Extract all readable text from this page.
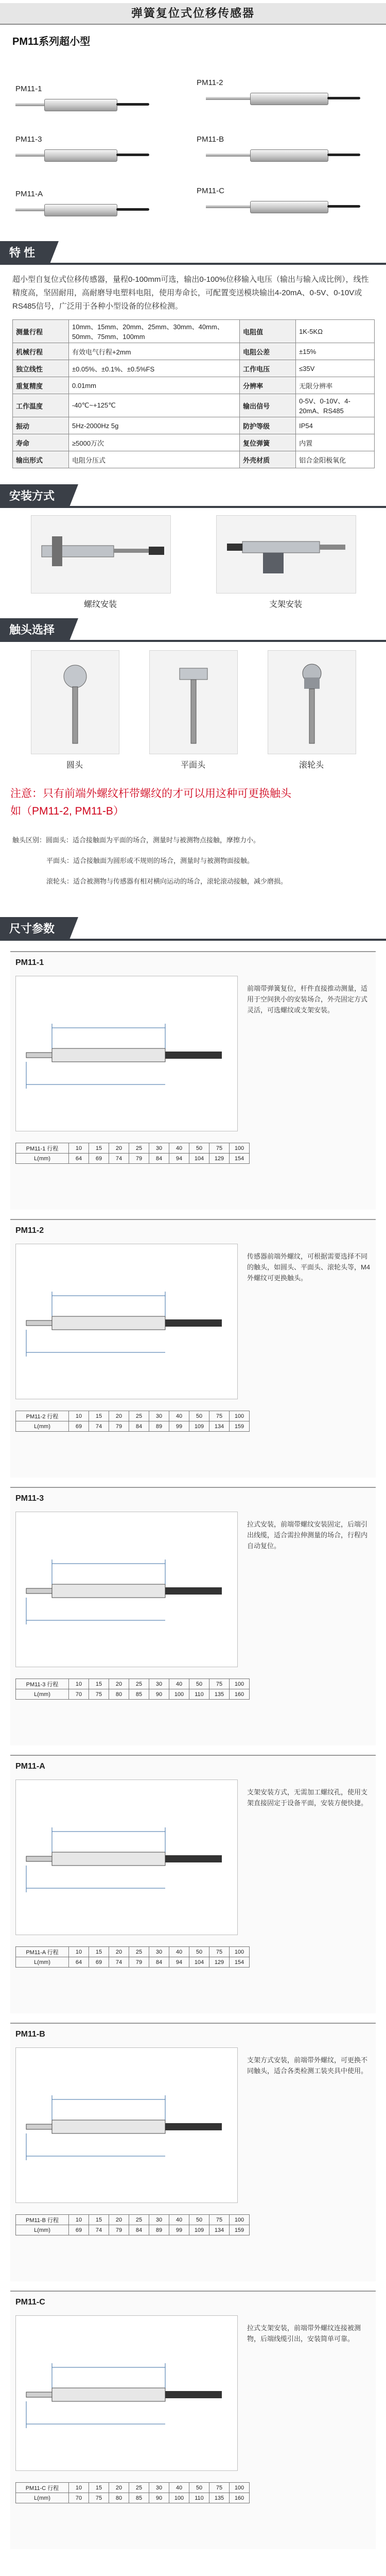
弹簧复位式位移传感器
PM11系列超小型
PM11-1
PM11-2
PM11-3	PM11-B
PM11-A	PM11-C
特 性
超小型自复位式位移传感器，量程0-100mm可选，输出0-100%位移输入电压（输出与输入成比例），线性精度高，坚固耐用，高耐磨导电塑料电阻，使用寿命长，可配置变送模块输出4-20mA、0-5V、0-10V或RS485信号，广泛用于各种小型设备的位移检测。
测量行程	10mm、15mm、20mm、25mm、30mm、40mm、50mm、75mm、100mm	电阻值	1K-5KΩ
机械行程	有效电气行程+2mm	电阻公差	±15%
独立线性	±0.05%、±0.1%、±0.5%FS	工作电压	≤35V
重复精度	0.01mm	分辨率	无限分辨率
工作温度	-40℃~+125℃	输出信号	0-5V、0-10V、4-20mA、RS485
振动	5Hz-2000Hz 5g	防护等级	IP54
寿命	≥5000万次	复位弹簧	内置
输出形式	电阻分压式	外壳材质	铝合金阳极氧化
安装方式
螺纹安装	支架安装
触头选择
圆头	平面头	滚轮头
注意：只有前端外螺纹杆带螺纹的才可以用这种可更换触头
如（PM11-2, PM11-B）
触头区别：圆面头：适合接触面为平面的场合，测量时与被测物点接触，摩擦力小。
平面头：适合接触面为圆形或不规则的场合，测量时与被测物面接触。
滚轮头：适合被测物与传感器有相对横向运动的场合，滚轮滚动接触，减少磨损。
尺寸参数
PM11-1
前端带弹簧复位，杆件直接推动测量，适用于空间狭小的安装场合，外壳固定方式灵活，可选螺纹或支架安装。
PM11-1 行程	10	15	20	25	30	40	50	75	100
L(mm)	64	69	74	79	84	94	104	129	154
PM11-2
传感器前端外螺纹，可根据需要选择不同的触头，如圆头、平面头、滚轮头等，M4外螺纹可更换触头。
PM11-2 行程	10	15	20	25	30	40	50	75	100
L(mm)	69	74	79	84	89	99	109	134	159
PM11-3
拉式安装，前端带螺纹安装固定，后端引出线缆，适合需拉伸测量的场合，行程内自动复位。
PM11-3 行程	10	15	20	25	30	40	50	75	100
L(mm)	70	75	80	85	90	100	110	135	160
PM11-A
支架安装方式，无需加工螺纹孔，使用支架直接固定于设备平面，安装方便快捷。
PM11-A 行程	10	15	20	25	30	40	50	75	100
L(mm)	64	69	74	79	84	94	104	129	154
PM11-B
支架方式安装，前端带外螺纹，可更换不同触头，适合各类检测工装夹具中使用。
PM11-B 行程	10	15	20	25	30	40	50	75	100
L(mm)	69	74	79	84	89	99	109	134	159
PM11-C
拉式支架安装，前端带外螺纹连接被测物，后端线缆引出，安装简单可靠。
PM11-C 行程	10	15	20	25	30	40	50	75	100
L(mm)	70	75	80	85	90	100	110	135	160
